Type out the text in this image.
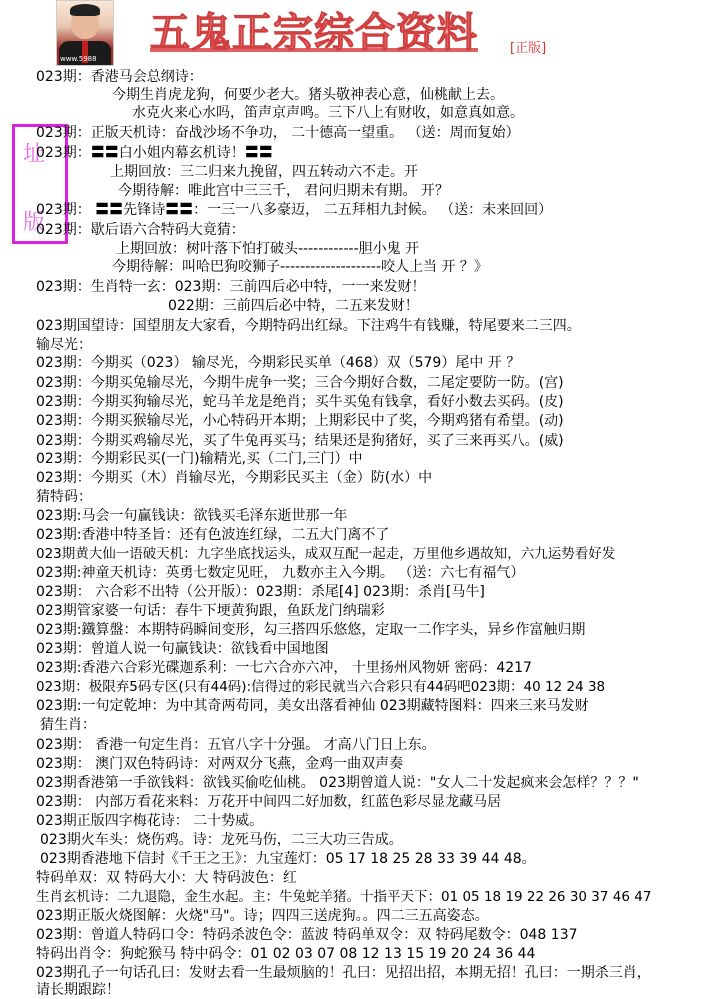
www.5988
五鬼正宗综合资料 [正版]
址
版
023期：香港马会总纲诗：
今期生肖虎龙狗，何要少老大。猪头敬神表心意，仙桃献上去。
水克火来心水吗，笛声京声鸣。三下八上有财收，如意真如意。
023期：正版天机诗：奋战沙场不争功， 二十德高一望重。 （送：周而复始）
023期：〓〓白小姐内幕玄机诗！〓〓
上期回放：三二归来九挽留，四五转动六不走。开
今期待解：唯此宫中三三千， 君问归期未有期。 开？
023期： 〓〓先锋诗〓〓：一三一八多豪迈， 二五拜相九封候。 （送：未来回回）
023期：歇后语六合特码大竟猜：
上期回放：树叶落下怕打破头------------胆小鬼 开
今期待解：叫哈巴狗咬狮子--------------------咬人上当 开 ？》
023期：生肖特一玄：023期：三前四后必中特，一一来发财！
022期：三前四后必中特，二五来发财！
023期国望诗：国望朋友大家看，今期特码出红绿。下注鸡牛有钱赚，特尾要来二三四。
输尽光：
023期：今期买（023） 输尽光，今期彩民买单（468）双（579）尾中 开 ？
023期：今期买兔输尽光，今期牛虎争一奖；三合今期好合数，二尾定要防一防。(宫)
023期：今期买狗输尽光，蛇马羊龙是绝肖；买牛买兔有钱拿，看好小数去买码。(皮)
023期：今期买猴输尽光，小心特码开本期；上期彩民中了奖，今期鸡猪有希望。(动)
023期：今期买鸡输尽光，买了牛兔再买马；结果还是狗猪好，买了三来再买八。(威)
023期：今期彩民买(一门)输精光,买（二门,三门）中
023期：今期买（木）肖输尽光，今期彩民买主（金）防(水）中
猜特码：
023期:马会一句赢钱诀：欲钱买毛泽东逝世那一年
023期:香港中特圣旨：还有色波连红绿，二五大门离不了
023期黄大仙一语破天机：九字坐底找运头，成双互配一起走，万里他乡遇故知，六九运势看好发
023期:神童天机诗：英勇七数定见旺， 九数亦主入今期。 （送：六七有福气）
023期： 六合彩不出特（公开版）：023期：杀尾[4] 023期：杀肖[马牛]
023期管家婆一句话：春牛下埂黄狗跟，鱼跃龙门纳瑞彩
023期:鐵算盤：本期特码瞬间变形，勾三搭四乐悠悠，定取一二作字头，异乡作富触归期
023期：曾道人说一句赢钱诀：欲钱看中国地图
023期:香港六合彩光碟迦系利：一七六合亦六冲， 十里扬州风物妍 密码：4217
023期：极限弃5码专区(只有44码):信得过的彩民就当六合彩只有44码吧023期：40 12 24 38
023期:一句定乾坤：为中其奇两苟同，美女出落看神仙 023期藏特图料：四来三来马发财
猜生肖：
023期： 香港一句定生肖：五官八字十分强。 才高八门日上东。
023期： 澳门双色特码诗：对两双分飞燕，金鸡一曲双声奏
023期香港第一手欲钱料：欲钱买偷吃仙桃。 023期曾道人说："女人二十发起疯来会怎样？？？"
023期： 内部万看花来料：万花开中间四二好加数，红蓝色彩尽显龙藏马居
023期正版四字梅花诗： 二十势威。
023期火车头：烧伤鸡。诗：龙死马伤，二三大功三告成。
023期香港地下信封《千王之王》：九宝莲灯：05 17 18 25 28 33 39 44 48。
特码单双：双 特码大小：大 特码波色：红
生肖玄机诗：二九退隐，金生水起。主：牛兔蛇羊猪。十指平天下：01 05 18 19 22 26 30 37 46 47
023期正版火烧图解：火烧"马"。诗；四四三送虎狗。。四二三五高姿态。
023期：曾道人特码口令：特码杀波色令：蓝波 特码单双令：双 特码尾数令：048 137
特码出肖令：狗蛇猴马 特中码令：01 02 03 07 08 12 13 15 19 20 24 36 44
023期孔子一句话孔曰：发财去看一生最烦脑的！孔曰：见招出招，本期无招！孔曰：一期杀三肖，
请长期跟踪！
